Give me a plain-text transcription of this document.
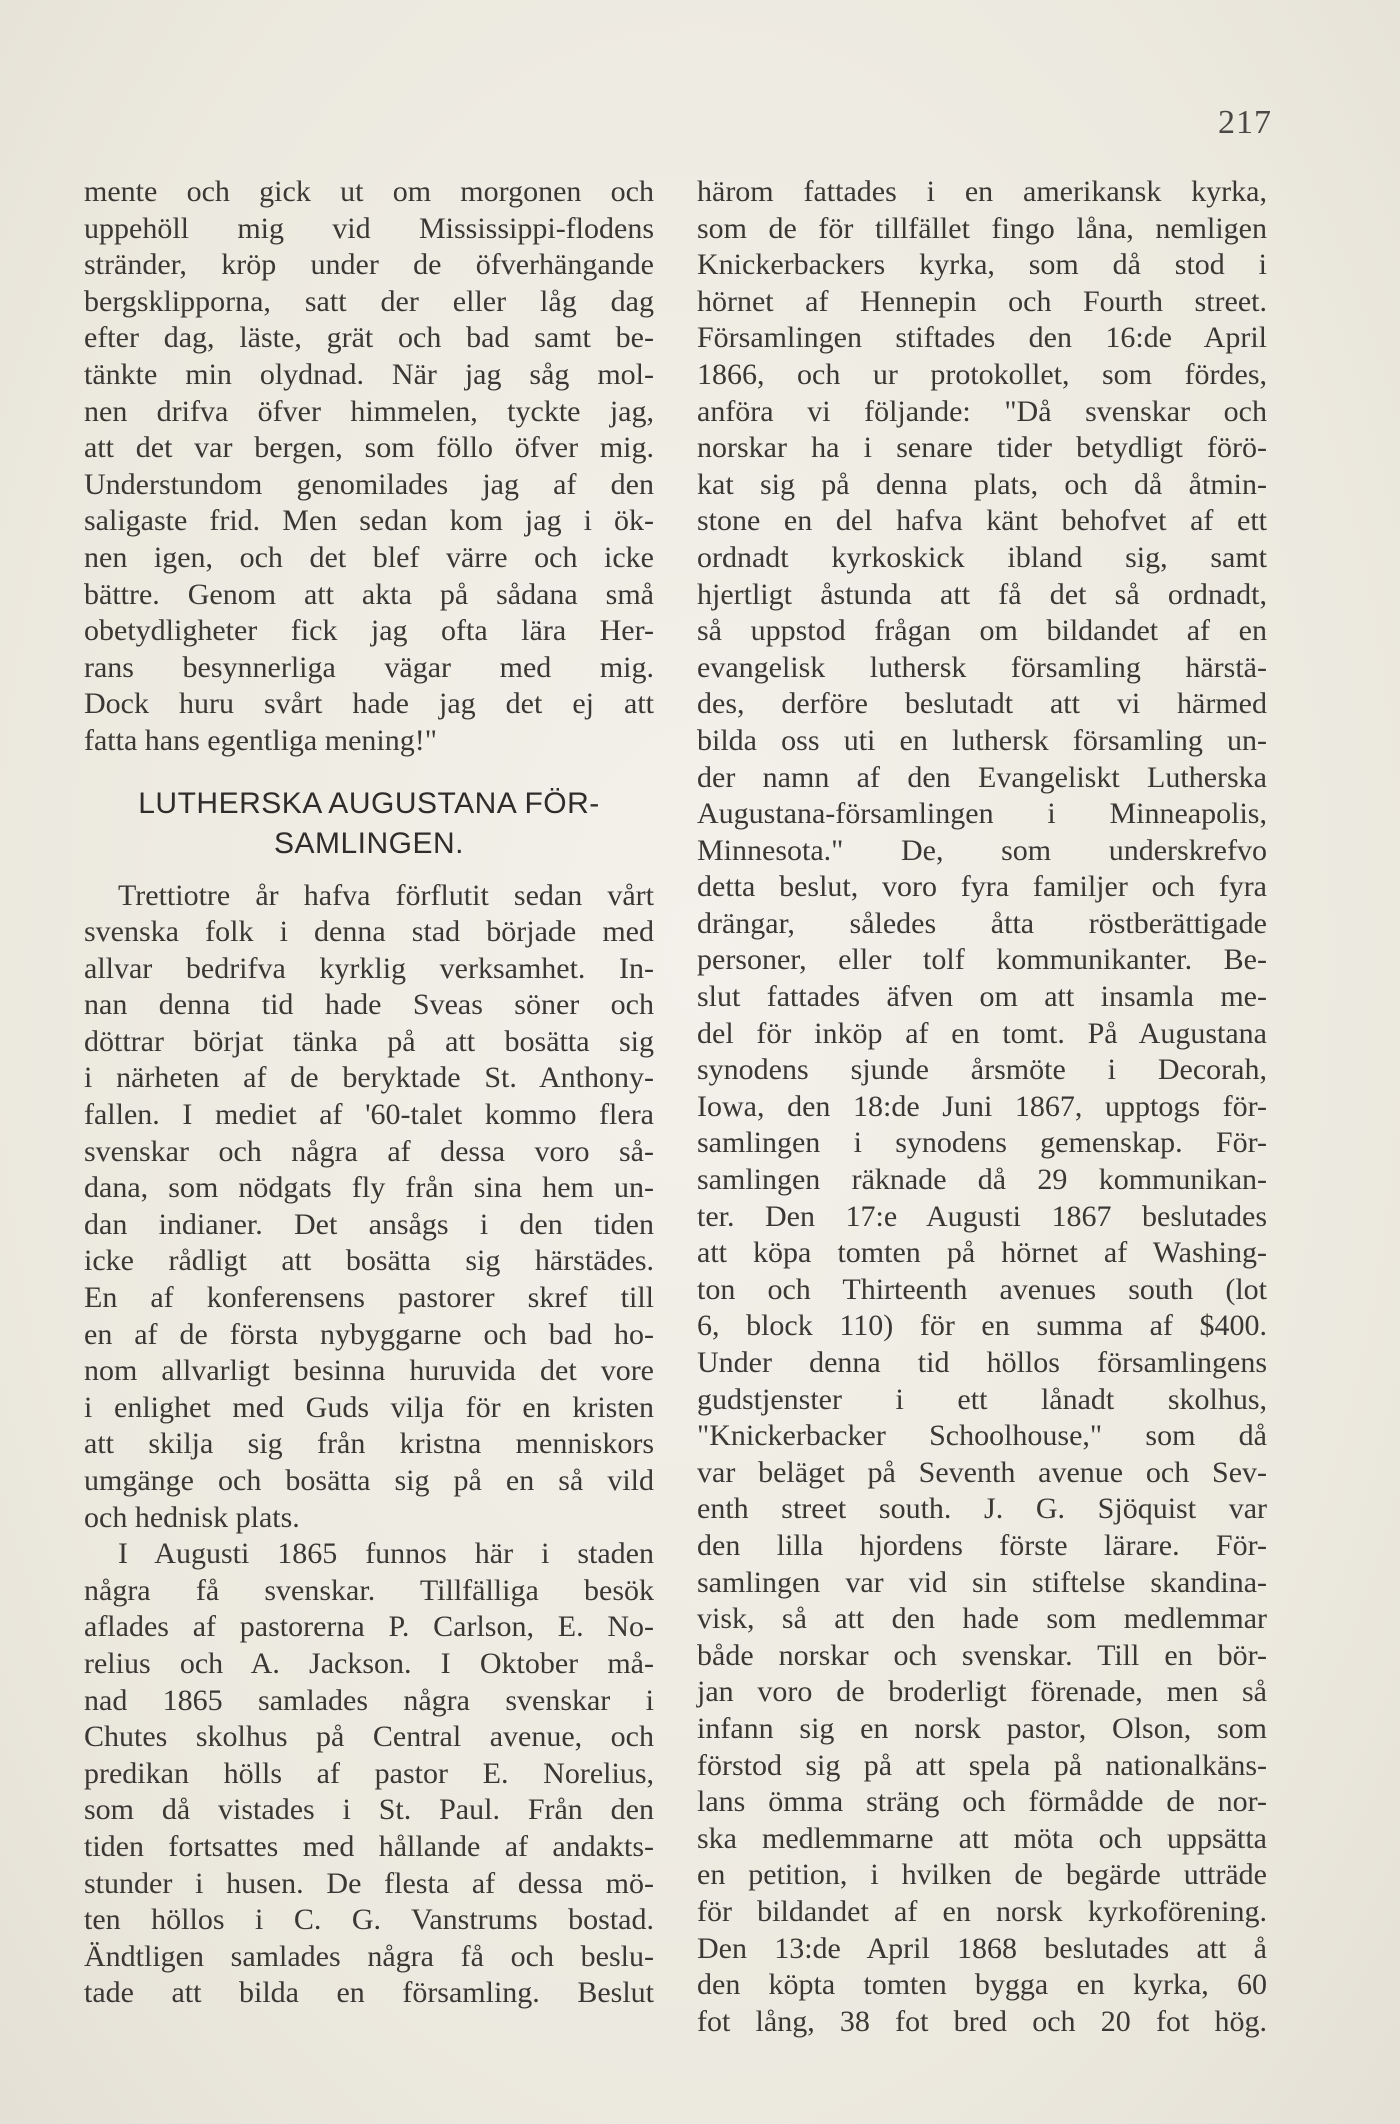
217
mente och gick ut om morgonen och
uppehöll mig vid Mississippi-flodens
stränder, kröp under de öfverhängande
bergsklipporna, satt der eller låg dag
efter dag, läste, grät och bad samt be-
tänkte min olydnad. När jag såg mol-
nen drifva öfver himmelen, tyckte jag,
att det var bergen, som föllo öfver mig.
Understundom genomilades jag af den
saligaste frid. Men sedan kom jag i ök-
nen igen, och det blef värre och icke
bättre. Genom att akta på sådana små
obetydligheter fick jag ofta lära Her-
rans besynnerliga vägar med mig.
Dock huru svårt hade jag det ej att
fatta hans egentliga mening!"
LUTHERSKA AUGUSTANA FÖR-
SAMLINGEN.
Trettiotre år hafva förflutit sedan vårt
svenska folk i denna stad började med
allvar bedrifva kyrklig verksamhet. In-
nan denna tid hade Sveas söner och
döttrar börjat tänka på att bosätta sig
i närheten af de beryktade St. Anthony-
fallen. I mediet af '60-talet kommo flera
svenskar och några af dessa voro så-
dana, som nödgats fly från sina hem un-
dan indianer. Det ansågs i den tiden
icke rådligt att bosätta sig härstädes.
En af konferensens pastorer skref till
en af de första nybyggarne och bad ho-
nom allvarligt besinna huruvida det vore
i enlighet med Guds vilja för en kristen
att skilja sig från kristna menniskors
umgänge och bosätta sig på en så vild
och hednisk plats.
I Augusti 1865 funnos här i staden
några få svenskar. Tillfälliga besök
aflades af pastorerna P. Carlson, E. No-
relius och A. Jackson. I Oktober må-
nad 1865 samlades några svenskar i
Chutes skolhus på Central avenue, och
predikan hölls af pastor E. Norelius,
som då vistades i St. Paul. Från den
tiden fortsattes med hållande af andakts-
stunder i husen. De flesta af dessa mö-
ten höllos i C. G. Vanstrums bostad.
Ändtligen samlades några få och beslu-
tade att bilda en församling. Beslut
härom fattades i en amerikansk kyrka,
som de för tillfället fingo låna, nemligen
Knickerbackers kyrka, som då stod i
hörnet af Hennepin och Fourth street.
Församlingen stiftades den 16:de April
1866, och ur protokollet, som fördes,
anföra vi följande: "Då svenskar och
norskar ha i senare tider betydligt förö-
kat sig på denna plats, och då åtmin-
stone en del hafva känt behofvet af ett
ordnadt kyrkoskick ibland sig, samt
hjertligt åstunda att få det så ordnadt,
så uppstod frågan om bildandet af en
evangelisk luthersk församling härstä-
des, derföre beslutadt att vi härmed
bilda oss uti en luthersk församling un-
der namn af den Evangeliskt Lutherska
Augustana-församlingen i Minneapolis,
Minnesota." De, som underskrefvo
detta beslut, voro fyra familjer och fyra
drängar, således åtta röstberättigade
personer, eller tolf kommunikanter. Be-
slut fattades äfven om att insamla me-
del för inköp af en tomt. På Augustana
synodens sjunde årsmöte i Decorah,
Iowa, den 18:de Juni 1867, upptogs för-
samlingen i synodens gemenskap. För-
samlingen räknade då 29 kommunikan-
ter. Den 17:e Augusti 1867 beslutades
att köpa tomten på hörnet af Washing-
ton och Thirteenth avenues south (lot
6, block 110) för en summa af $400.
Under denna tid höllos församlingens
gudstjenster i ett lånadt skolhus,
"Knickerbacker Schoolhouse," som då
var beläget på Seventh avenue och Sev-
enth street south. J. G. Sjöquist var
den lilla hjordens förste lärare. För-
samlingen var vid sin stiftelse skandina-
visk, så att den hade som medlemmar
både norskar och svenskar. Till en bör-
jan voro de broderligt förenade, men så
infann sig en norsk pastor, Olson, som
förstod sig på att spela på nationalkäns-
lans ömma sträng och förmådde de nor-
ska medlemmarne att möta och uppsätta
en petition, i hvilken de begärde utträde
för bildandet af en norsk kyrkoförening.
Den 13:de April 1868 beslutades att å
den köpta tomten bygga en kyrka, 60
fot lång, 38 fot bred och 20 fot hög.
